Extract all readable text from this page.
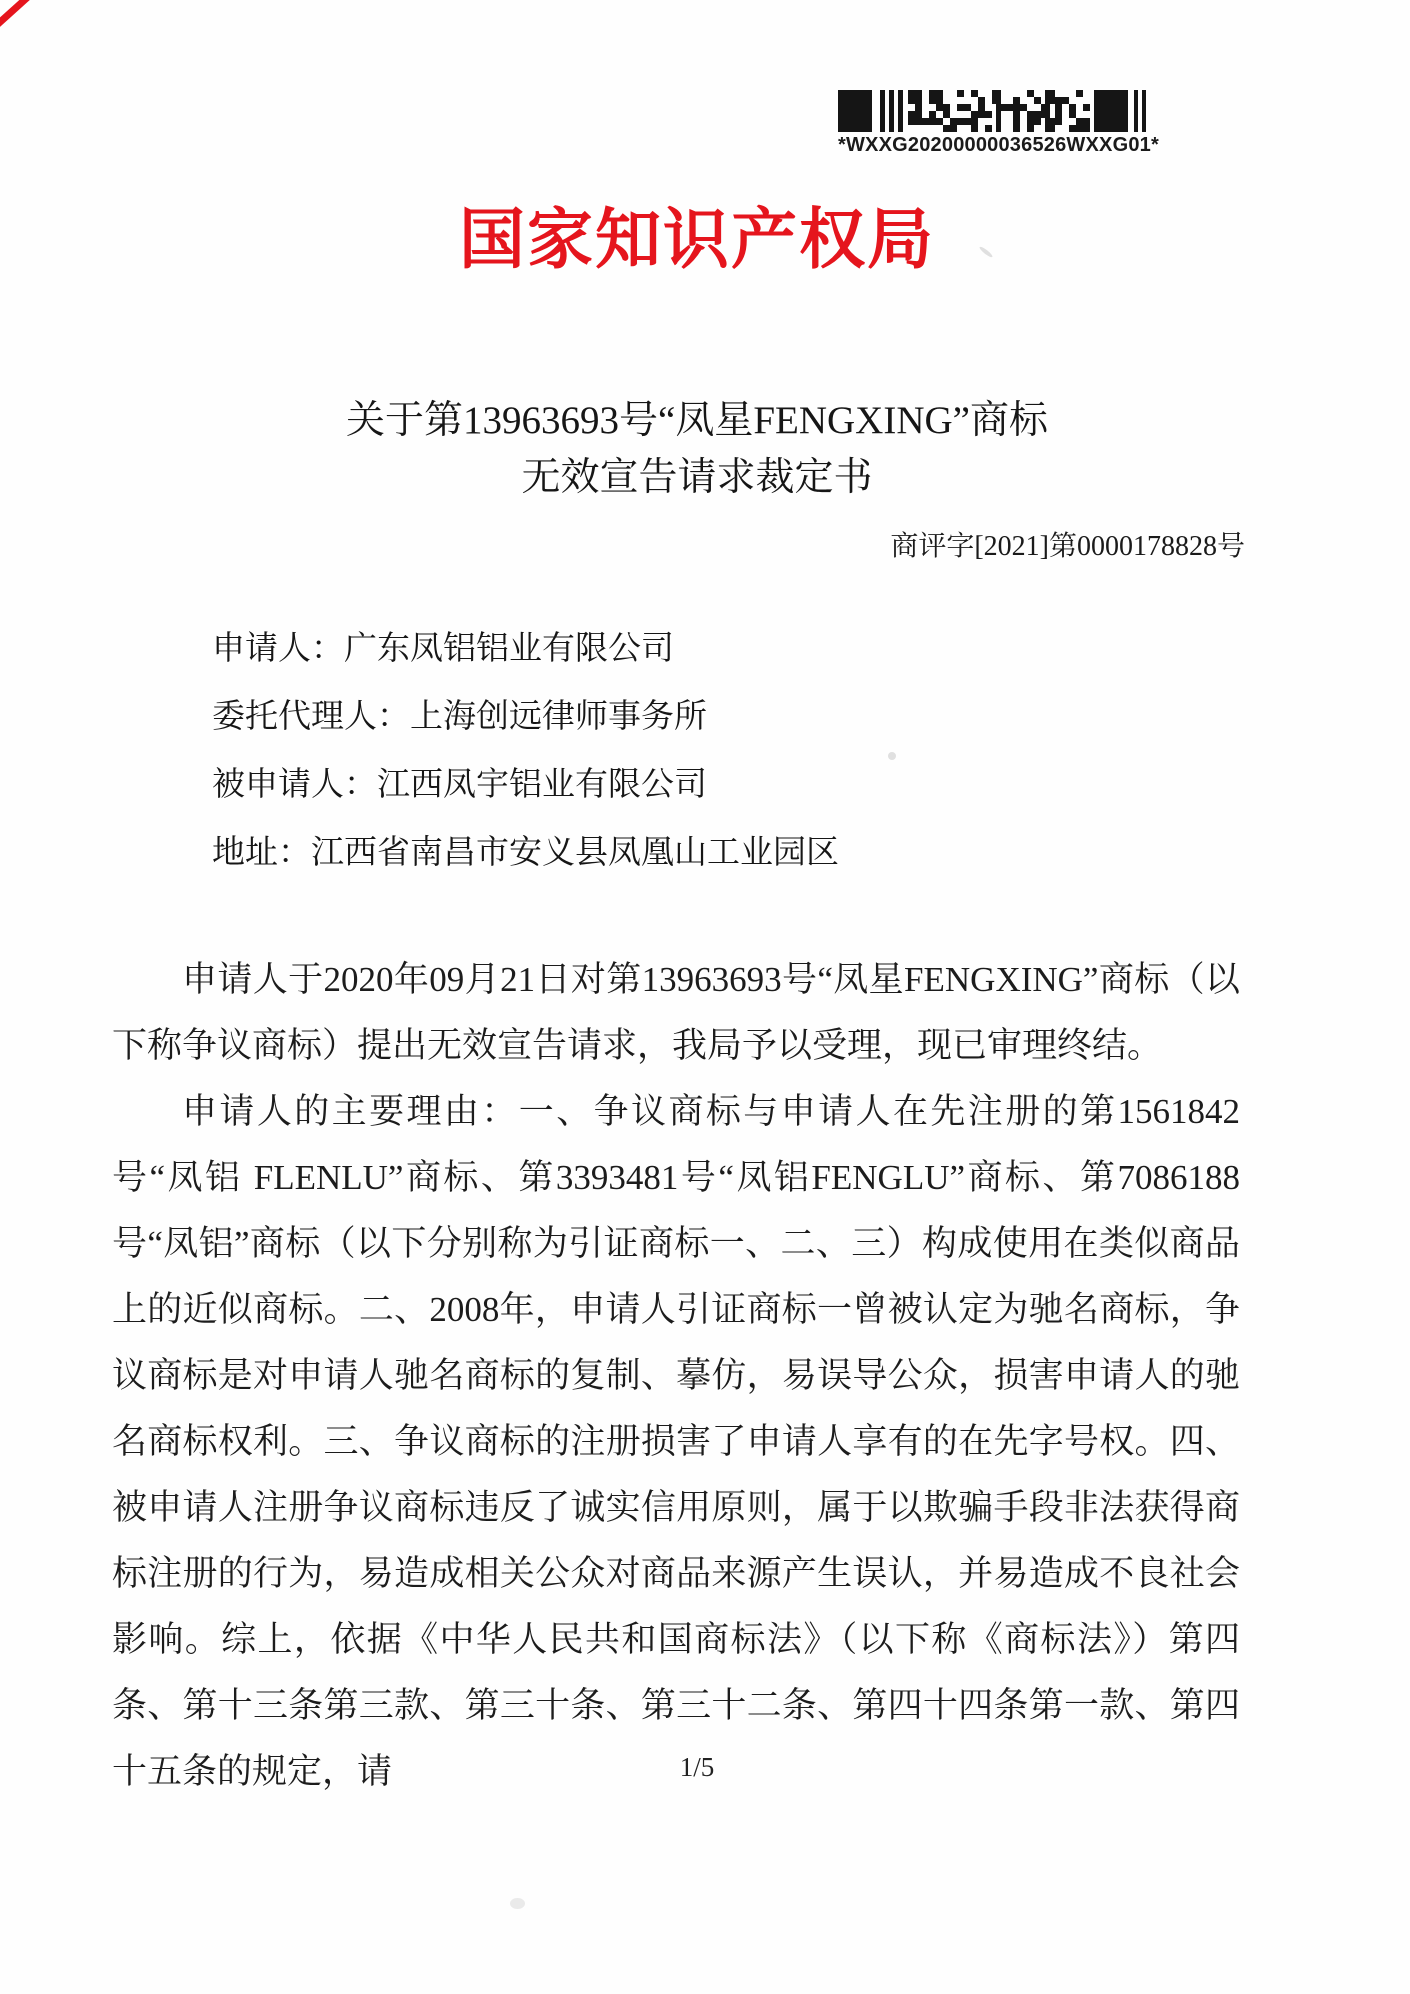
*WXXG20200000036526WXXG01*
国家知识产权局
关于第13963693号“凤星FENGXING”商标
无效宣告请求裁定书
商评字[2021]第0000178828号
申请人：广东凤铝铝业有限公司
委托代理人：上海创远律师事务所
被申请人：江西凤宇铝业有限公司
地址：江西省南昌市安义县凤凰山工业园区

申请人于2020年09月21日对第13963693号“凤星FENGXING”商标（以下称争议商标）提出无效宣告请求，我局予以受理，现已审理终结。

申请人的主要理由：一、争议商标与申请人在先注册的第1561842号“凤铝 FLENLU”商标、第3393481号“凤铝FENGLU”商标、第7086188号“凤铝”商标（以下分别称为引证商标一、二、三）构成使用在类似商品上的近似商标。二、2008年，申请人引证商标一曾被认定为驰名商标，争议商标是对申请人驰名商标的复制、摹仿，易误导公众，损害申请人的驰名商标权利。三、争议商标的注册损害了申请人享有的在先字号权。四、被申请人注册争议商标违反了诚实信用原则，属于以欺骗手段非法获得商标注册的行为，易造成相关公众对商品来源产生误认，并易造成不良社会影响。综上，依据《中华人民共和国商标法》（以下称《商标法》）第四条、第十三条第三款、第三十条、第三十二条、第四十四条第一款、第四十五条的规定，请	1/5
